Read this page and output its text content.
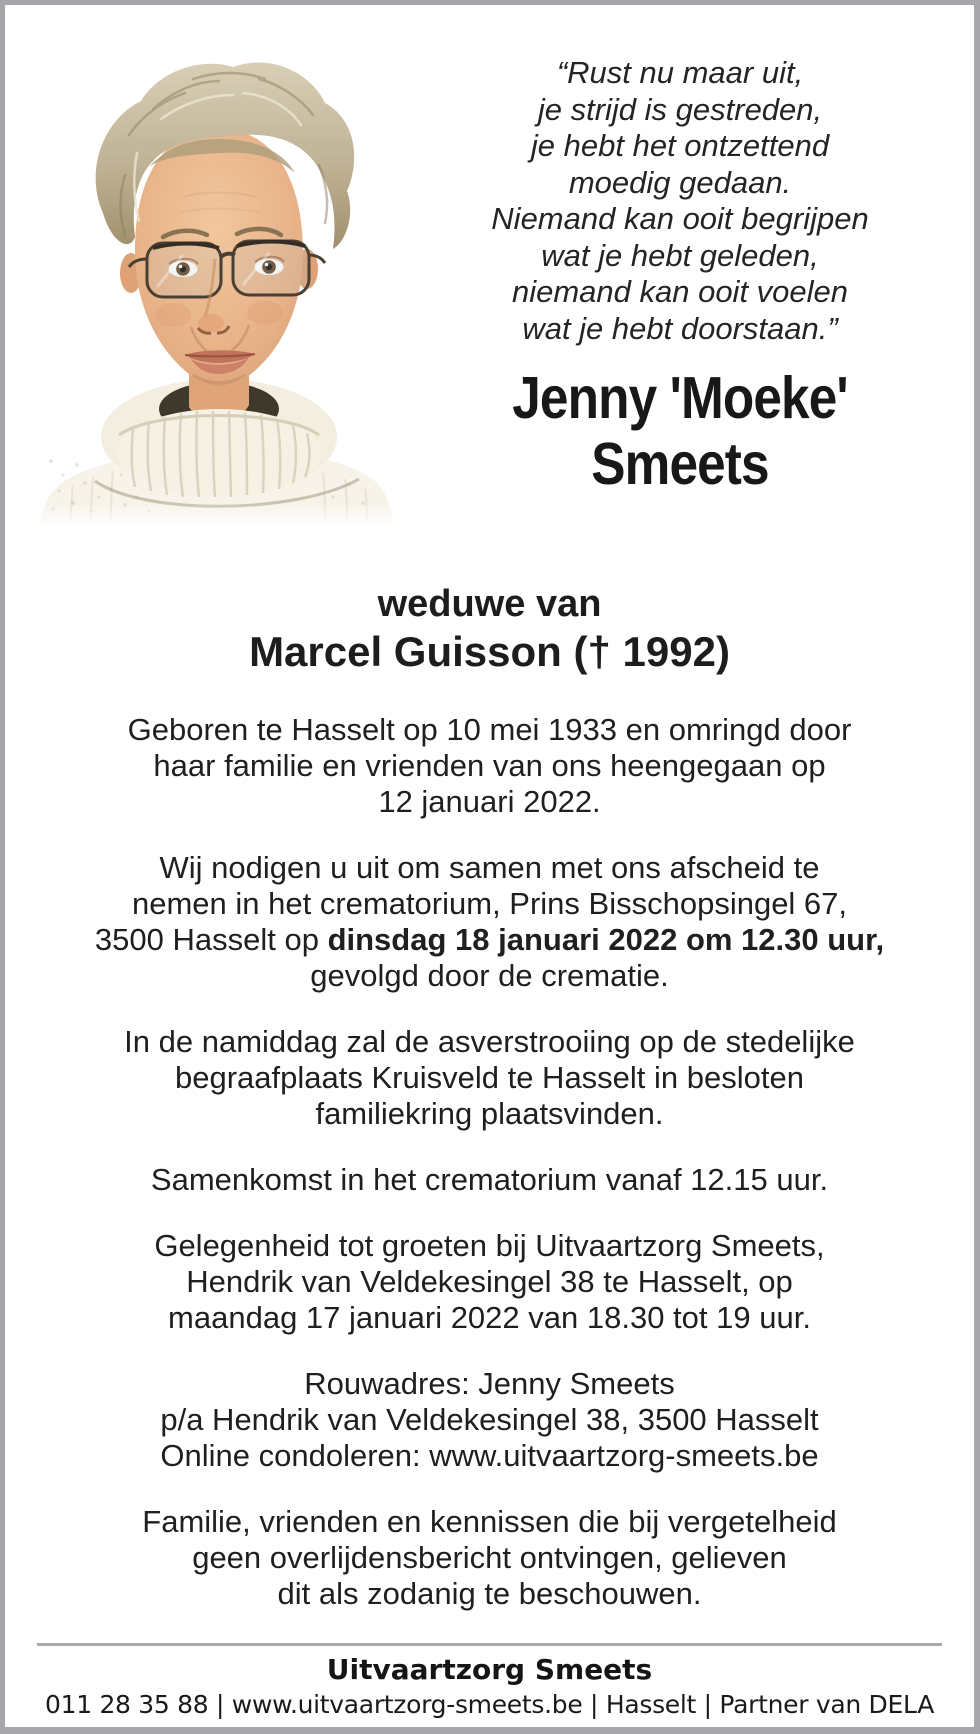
“Rust nu maar uit,
je strijd is gestreden,
je hebt het ontzettend
moedig gedaan.
Niemand kan ooit begrijpen
wat je hebt geleden,
niemand kan ooit voelen
wat je hebt doorstaan.”
Jenny 'Moeke'
Smeets
weduwe van
Marcel Guisson († 1992)

Geboren te Hasselt op 10 mei 1933 en omringd door
haar familie en vrienden van ons heengegaan op
12 januari 2022.

Wij nodigen u uit om samen met ons afscheid te
nemen in het crematorium, Prins Bisschopsingel 67,
3500 Hasselt op dinsdag 18 januari 2022 om 12.30 uur,
gevolgd door de crematie.

In de namiddag zal de asverstrooiing op de stedelijke
begraafplaats Kruisveld te Hasselt in besloten
familiekring plaatsvinden.

Samenkomst in het crematorium vanaf 12.15 uur.

Gelegenheid tot groeten bij Uitvaartzorg Smeets,
Hendrik van Veldekesingel 38 te Hasselt, op
maandag 17 januari 2022 van 18.30 tot 19 uur.

Rouwadres: Jenny Smeets
p/a Hendrik van Veldekesingel 38, 3500 Hasselt
Online condoleren: www.uitvaartzorg-smeets.be

Familie, vrienden en kennissen die bij vergetelheid
geen overlijdensbericht ontvingen, gelieven
dit als zodanig te beschouwen.

Uitvaartzorg Smeets
011 28 35 88 | www.uitvaartzorg-smeets.be | Hasselt | Partner van DELA
